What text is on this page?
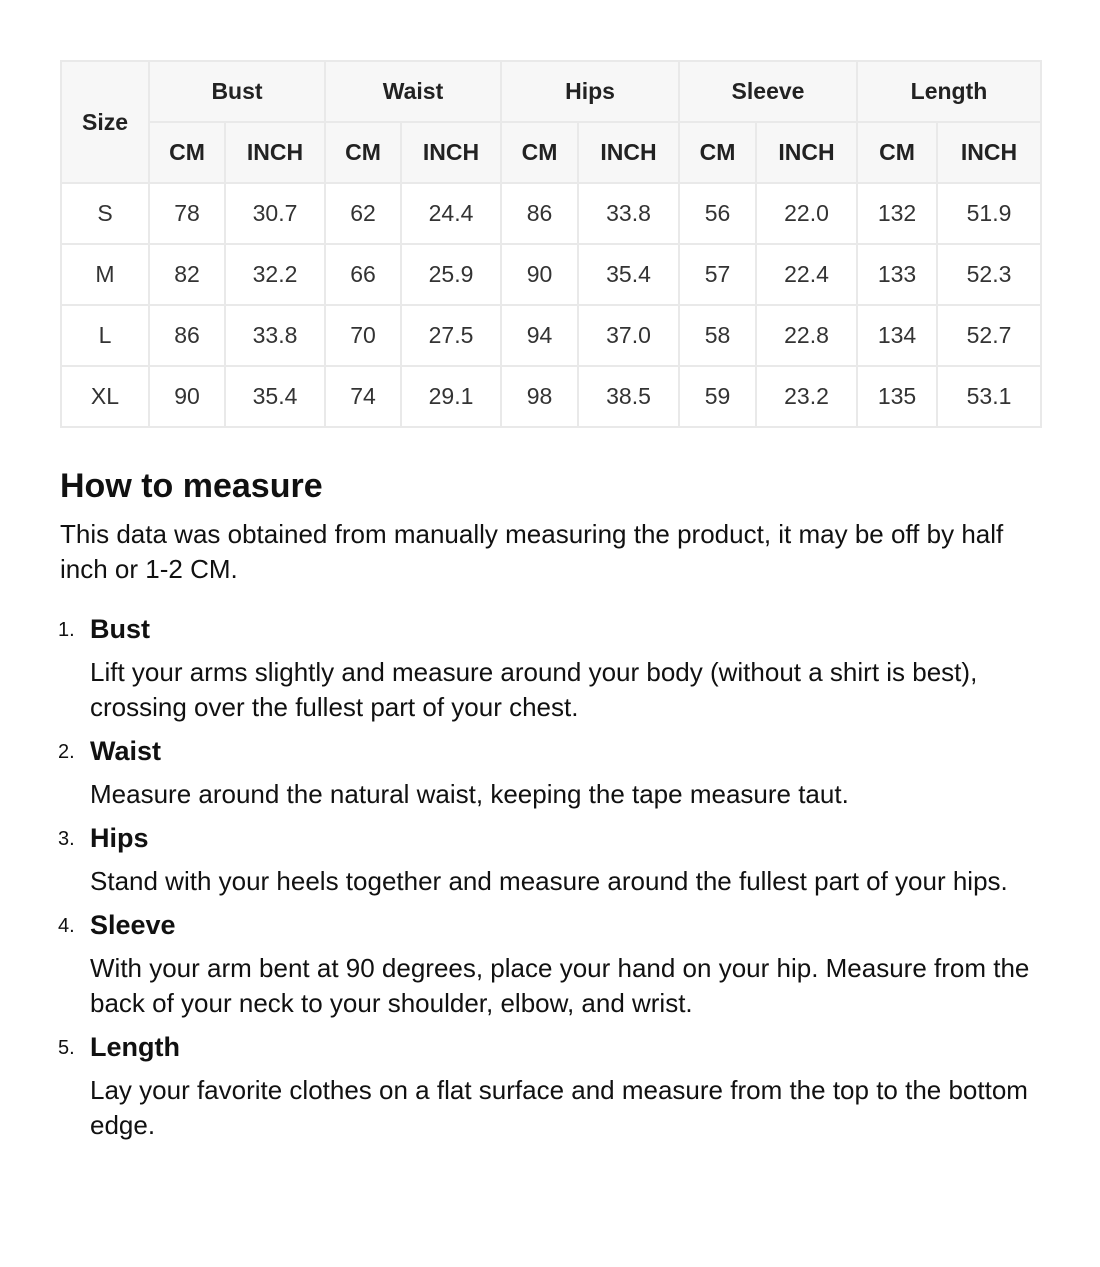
Size	Bust		Waist		Hips		Sleeve		Length	
	CM	INCH	CM	INCH	CM	INCH	CM	INCH	CM	INCH
S	78	30.7	62	24.4	86	33.8	56	22.0	132	51.9
M	82	32.2	66	25.9	90	35.4	57	22.4	133	52.3
L	86	33.8	70	27.5	94	37.0	58	22.8	134	52.7
XL	90	35.4	74	29.1	98	38.5	59	23.2	135	53.1
How to measure

This data was obtained from manually measuring the product, it may be off by half inch or 1-2 CM.

1. Bust
Lift your arms slightly and measure around your body (without a shirt is best), crossing over the fullest part of your chest.
2. Waist
Measure around the natural waist, keeping the tape measure taut.
3. Hips
Stand with your heels together and measure around the fullest part of your hips.
4. Sleeve
With your arm bent at 90 degrees, place your hand on your hip. Measure from the back of your neck to your shoulder, elbow, and wrist.
5. Length
Lay your favorite clothes on a flat surface and measure from the top to the bottom edge.
